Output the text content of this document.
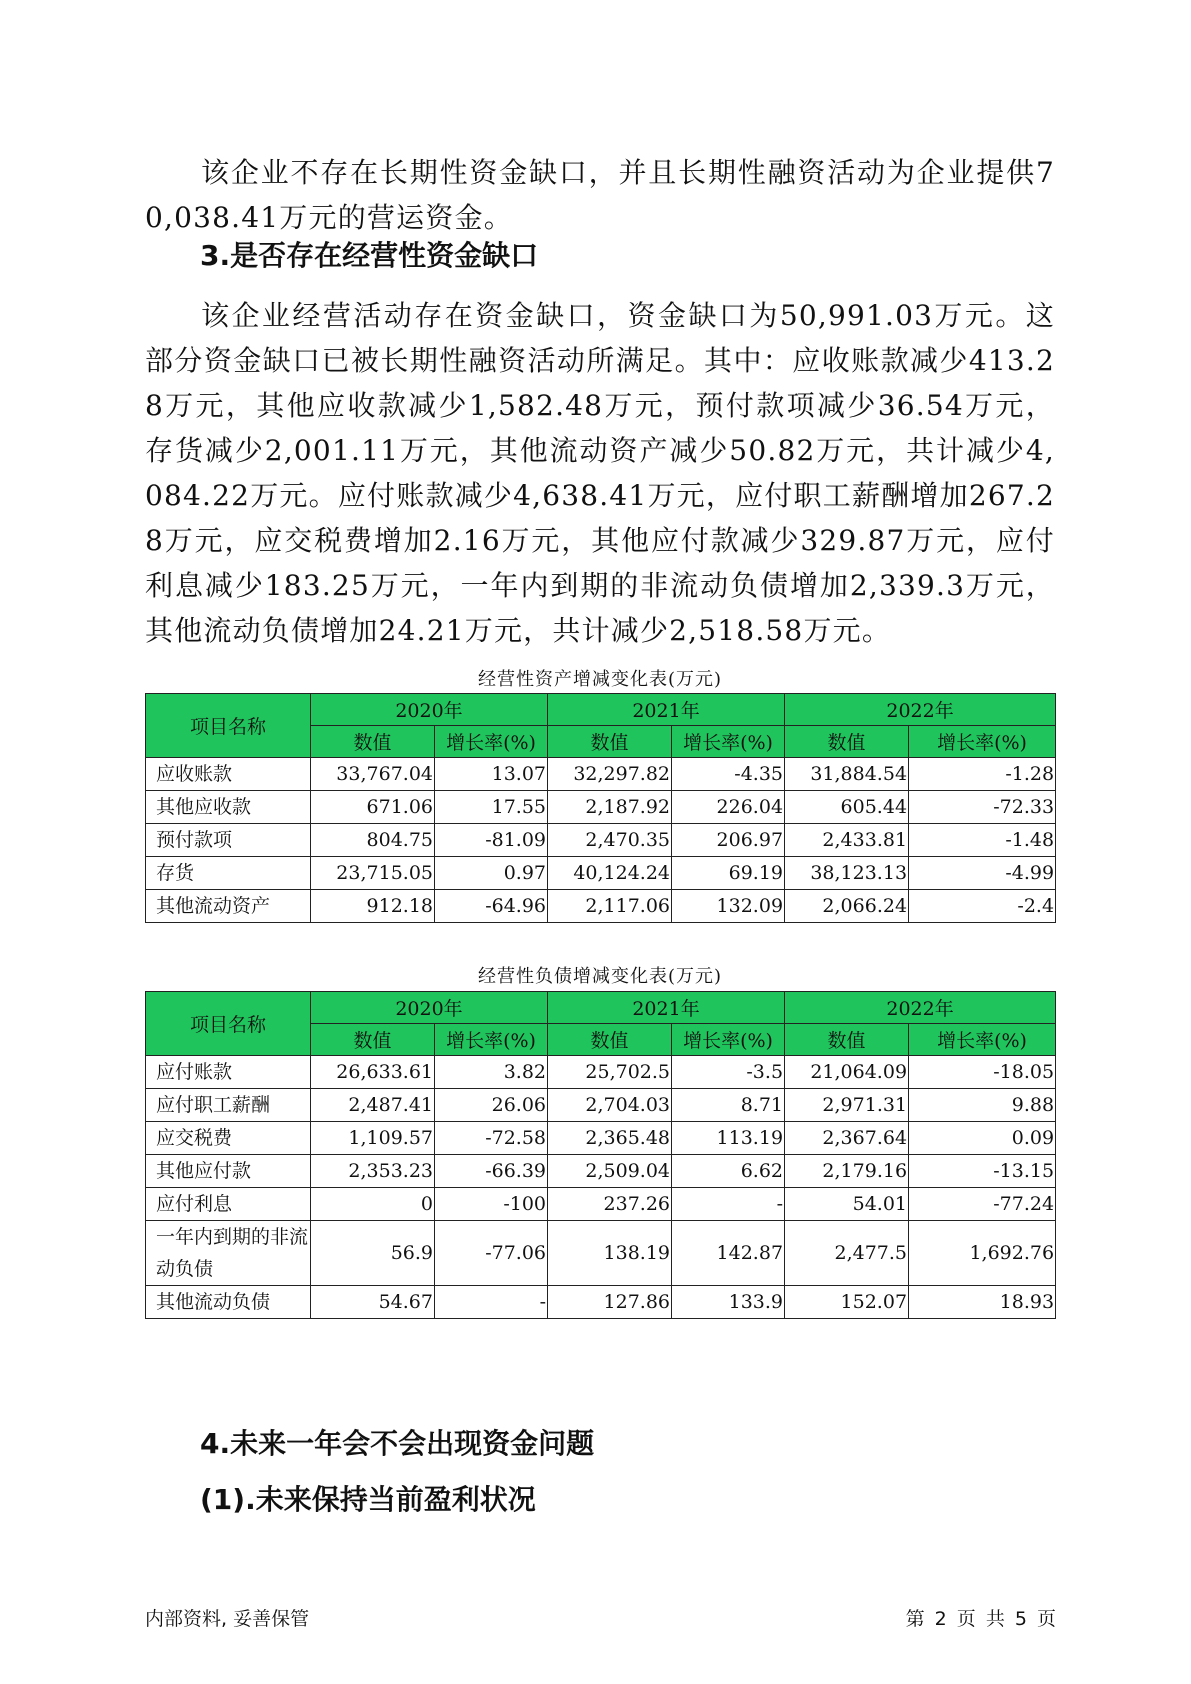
该企业不存在长期性资金缺口，并且长期性融资活动为企业提供70,038.41万元的营运资金。

3.是否存在经营性资金缺口

该企业经营活动存在资金缺口，资金缺口为50,991.03万元。这部分资金缺口已被长期性融资活动所满足。其中：应收账款减少413.28万元，其他应收款减少1,582.48万元，预付款项减少36.54万元，存货减少2,001.11万元，其他流动资产减少50.82万元，共计减少4,084.22万元。应付账款减少4,638.41万元，应付职工薪酬增加267.28万元，应交税费增加2.16万元，其他应付款减少329.87万元，应付利息减少183.25万元，一年内到期的非流动负债增加2,339.3万元，其他流动负债增加24.21万元，共计减少2,518.58万元。

经营性资产增减变化表(万元)
项目名称	2020年		2021年		2022年	
	数值	增长率(%)	数值	增长率(%)	数值	增长率(%)
应收账款	33,767.04	13.07	32,297.82	-4.35	31,884.54	-1.28
其他应收款	671.06	17.55	2,187.92	226.04	605.44	-72.33
预付款项	804.75	-81.09	2,470.35	206.97	2,433.81	-1.48
存货	23,715.05	0.97	40,124.24	69.19	38,123.13	-4.99
其他流动资产	912.18	-64.96	2,117.06	132.09	2,066.24	-2.4
经营性负债增减变化表(万元)
项目名称	2020年		2021年		2022年	
	数值	增长率(%)	数值	增长率(%)	数值	增长率(%)
应付账款	26,633.61	3.82	25,702.5	-3.5	21,064.09	-18.05
应付职工薪酬	2,487.41	26.06	2,704.03	8.71	2,971.31	9.88
应交税费	1,109.57	-72.58	2,365.48	113.19	2,367.64	0.09
其他应付款	2,353.23	-66.39	2,509.04	6.62	2,179.16	-13.15
应付利息	0	-100	237.26	-	54.01	-77.24
一年内到期的非流动负债	56.9	-77.06	138.19	142.87	2,477.5	1,692.76
其他流动负债	54.67	-	127.86	133.9	152.07	18.93
4.未来一年会不会出现资金问题
(1).未来保持当前盈利状况
内部资料, 妥善保管	第 2 页 共 5 页
